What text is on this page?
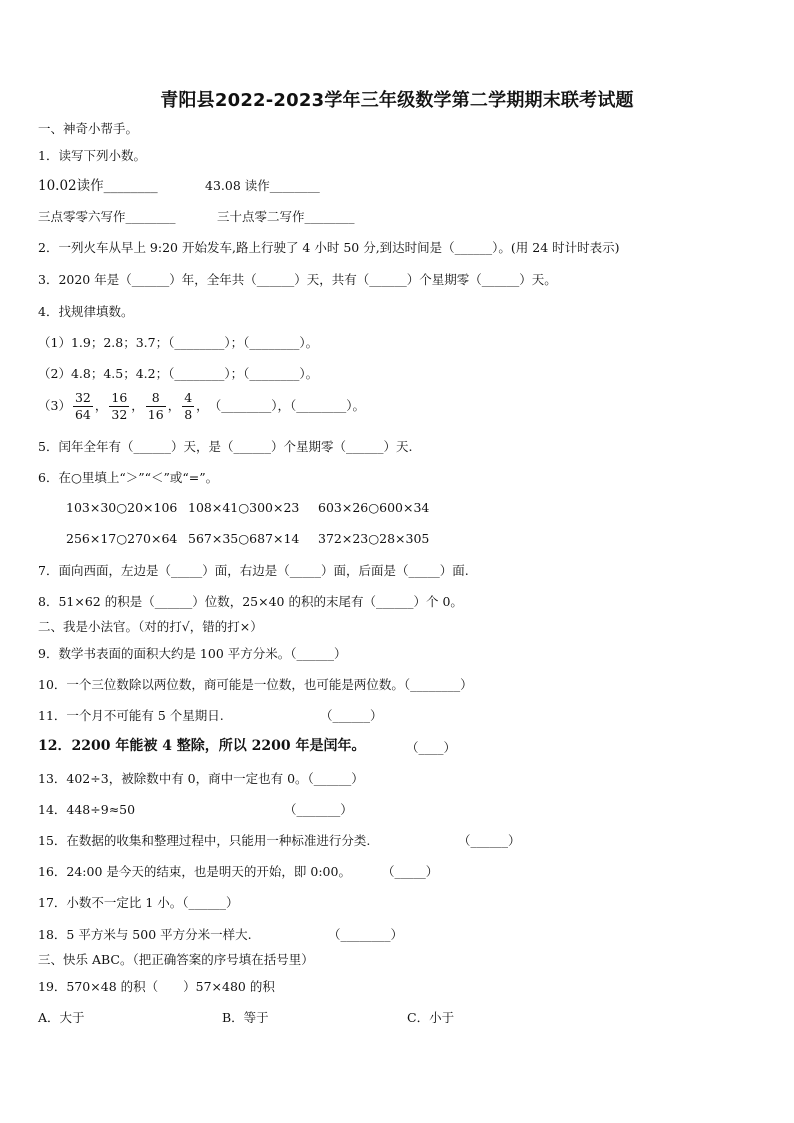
青阳县2022-2023学年三年级数学第二学期期末联考试题
一、神奇小帮手。
1．读写下列小数。
10.02读作________	43.08 读作________
三点零零六写作________	三十点零二写作________
2．一列火车从早上 9:20 开始发车,路上行驶了 4 小时 50 分,到达时间是（______）。(用 24 时计时表示)
3．2020 年是（______）年，全年共（______）天，共有（______）个星期零（______）天。
4．找规律填数。
（1）1.9；2.8；3.7；（________）；（________）。
（2）4.8；4.5；4.2；（________）；（________）。
$(3) \frac{32}{64}$ ， $\frac{16}{32}$ ， $\frac{8}{16}$ ， $\frac{4}{8}$ ，（________），（________）。
5．闰年全年有（______）天，是（______）个星期零（______）天.
6．在○里填上“＞”“＜”或“=”。
103×30○20×106 108×41○300×23 603×26○600×34
256×17○270×64 567×35○687×14 372×23○28×305
7．面向西面，左边是（_____）面，右边是（_____）面，后面是（_____）面.
8．51×62 的积是（______）位数，25×40 的积的末尾有（______）个 0。
二、我是小法官。（对的打√，错的打×）
9．数学书表面的面积大约是 100 平方分米。（______）
10．一个三位数除以两位数，商可能是一位数，也可能是两位数。（________）
11．一个月不可能有 5 个星期日.	（______）
12．2200 年能被 4 整除，所以 2200 年是闰年。	（____）
13．402÷3，被除数中有 0，商中一定也有 0。（______）
14．448÷9≈50	（_______）
15．在数据的收集和整理过程中，只能用一种标准进行分类.	（______）
16．24:00 是今天的结束，也是明天的开始，即 0:00。 （_____）
17．小数不一定比 1 小。（______）
18．5 平方米与 500 平方分米一样大.	（________）
三、快乐 ABC。（把正确答案的序号填在括号里）
19．570×48 的积（　　）57×480 的积
A．大于	B．等于	C．小于
